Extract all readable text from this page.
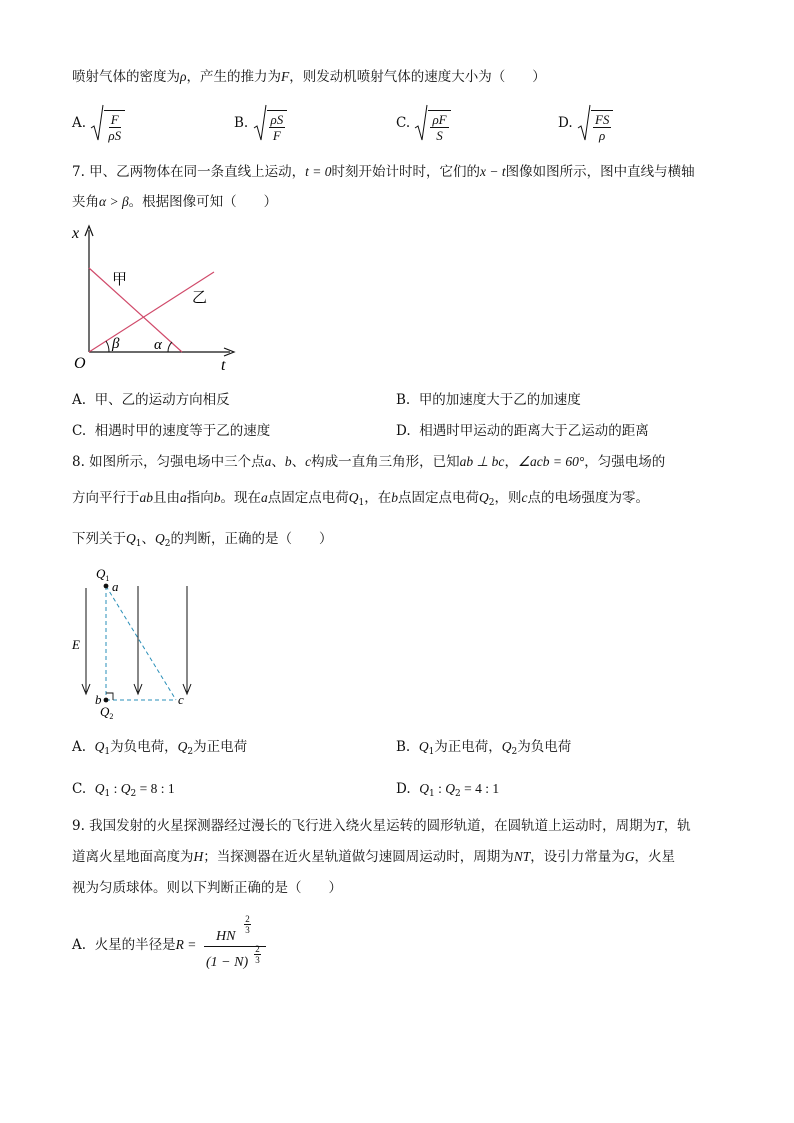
喷射气体的密度为ρ，产生的推力为F，则发动机喷射气体的速度大小为（　　）
A. $\frac{F}{\rho S}$	B. $\frac{\rho S}{F}$	C. $\frac{\rho F}{S}$	D. $\frac{FS}{\rho}$
7. 甲、乙两物体在同一条直线上运动，t = 0时刻开始计时时，它们的x − t图像如图所示，图中直线与横轴
夹角α > β。根据图像可知（　　）
x
t
O
甲
乙
β α
A. 甲、乙的运动方向相反	B. 甲的加速度大于乙的加速度
C. 相遇时甲的速度等于乙的速度	D. 相遇时甲运动的距离大于乙运动的距离
8. 如图所示，匀强电场中三个点a、b、c构成一直角三角形，已知ab ⊥ bc，∠acb = 60°，匀强电场的
方向平行于ab且由a指向b。现在a点固定点电荷$Q_1$，在b点固定点电荷$Q_2$，则c点的电场强度为零。
下列关于$Q_1$、$Q_2$的判断，正确的是（　　）
$Q_1$
a
E
b	c
$Q_2$
A. $Q_1$为负电荷，$Q_2$为正电荷	B. $Q_1$为正电荷，$Q_2$为负电荷
C. $Q_1$ : $Q_2 = 8$ : 1	D. $Q_1$ : $Q_2 = 4$ : 1
9. 我国发射的火星探测器经过漫长的飞行进入绕火星运转的圆形轨道，在圆轨道上运动时，周期为T，轨
道离火星地面高度为H；当探测器在近火星轨道做匀速圆周运动时，周期为NT，设引力常量为G，火星
视为匀质球体。则以下判断正确的是（　　）
A. 火星的半径是R =
HN
2

3
(1 − N)
2

3
